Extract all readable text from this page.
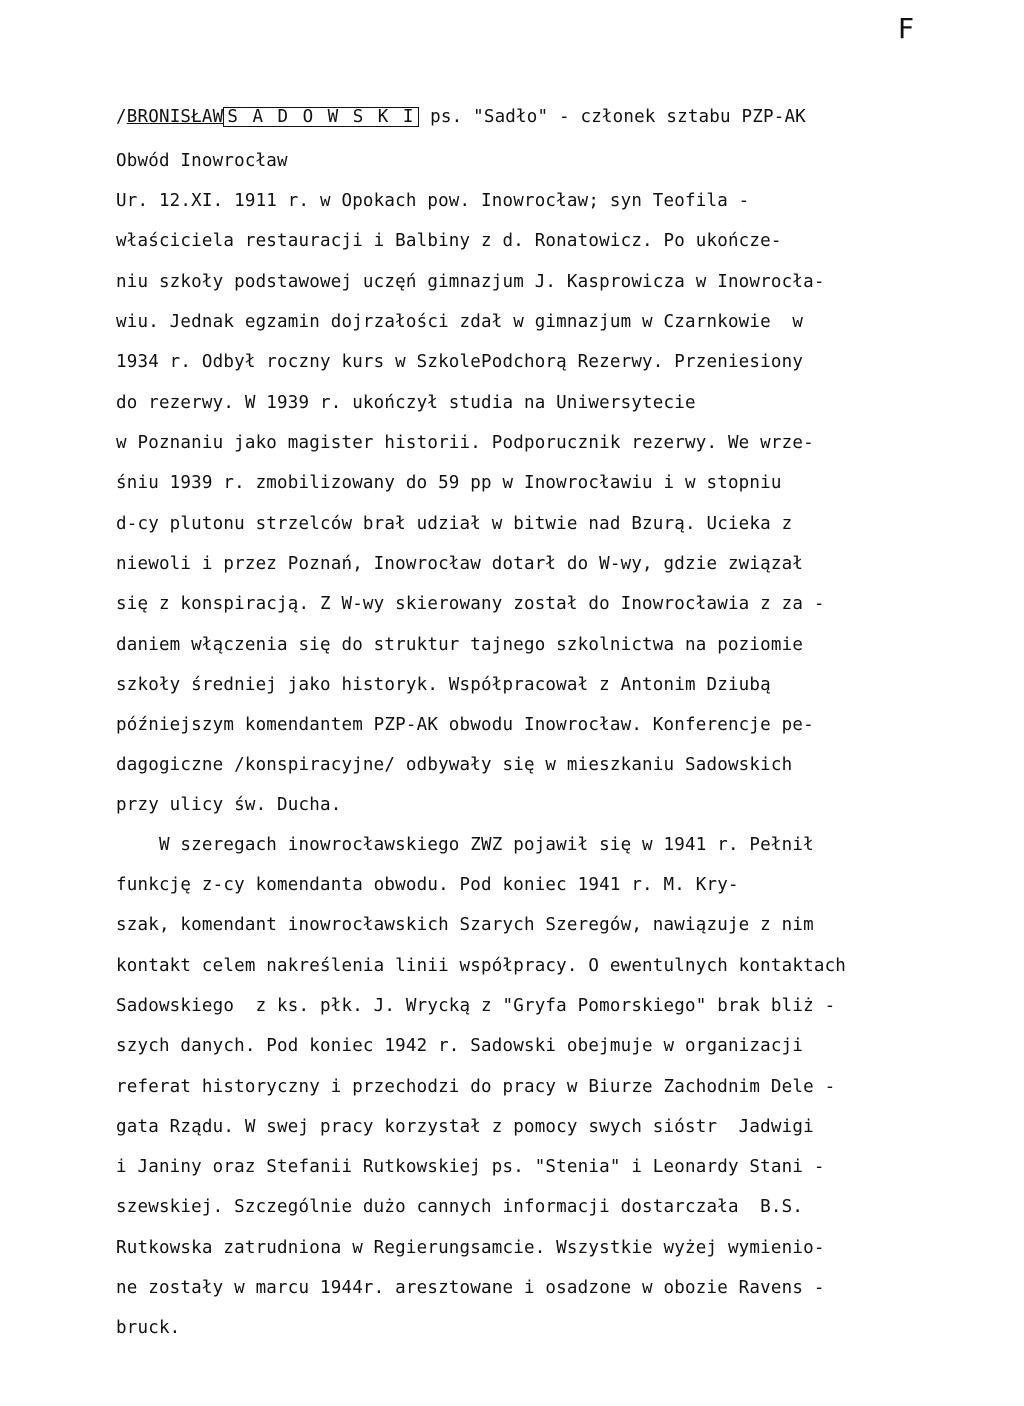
F
/BRONISŁAW S A D O W S K I ps. "Sadło" - członek sztabu PZP-AK
Obwód Inowrocław
Ur. 12.XI. 1911 r. w Opokach pow. Inowrocław; syn Teofila -
właściciela restauracji i Balbiny z d. Ronatowicz. Po ukończe-
niu szkoły podstawowej uczęń gimnazjum J. Kasprowicza w Inowrocła-
wiu. Jednak egzamin dojrzałości zdał w gimnazjum w Czarnkowie  w
1934 r. Odbył roczny kurs w SzkolePodchorą Rezerwy. Przeniesiony
do rezerwy. W 1939 r. ukończył studia na Uniwersytecie
w Poznaniu jako magister historii. Podporucznik rezerwy. We wrze-
śniu 1939 r. zmobilizowany do 59 pp w Inowrocławiu i w stopniu
d-cy plutonu strzelców brał udział w bitwie nad Bzurą. Ucieka z
niewoli i przez Poznań, Inowrocław dotarł do W-wy, gdzie związał
się z konspiracją. Z W-wy skierowany został do Inowrocławia z za -
daniem włączenia się do struktur tajnego szkolnictwa na poziomie
szkoły średniej jako historyk. Współpracował z Antonim Dziubą
późniejszym komendantem PZP-AK obwodu Inowrocław. Konferencje pe-
dagogiczne /konspiracyjne/ odbywały się w mieszkaniu Sadowskich
przy ulicy św. Ducha.
W szeregach inowrocławskiego ZWZ pojawił się w 1941 r. Pełnił
funkcję z-cy komendanta obwodu. Pod koniec 1941 r. M. Kry-
szak, komendant inowrocławskich Szarych Szeregów, nawiązuje z nim
kontakt celem nakreślenia linii współpracy. O ewentulnych kontaktach
Sadowskiego  z ks. płk. J. Wrycką z "Gryfa Pomorskiego" brak bliż -
szych danych. Pod koniec 1942 r. Sadowski obejmuje w organizacji
referat historyczny i przechodzi do pracy w Biurze Zachodnim Dele -
gata Rządu. W swej pracy korzystał z pomocy swych sióstr  Jadwigi
i Janiny oraz Stefanii Rutkowskiej ps. "Stenia" i Leonardy Stani -
szewskiej. Szczególnie dużo cannych informacji dostarczała  B.S.
Rutkowska zatrudniona w Regierungsamcie. Wszystkie wyżej wymienio-
ne zostały w marcu 1944r. aresztowane i osadzone w obozie Ravens -
bruck.
